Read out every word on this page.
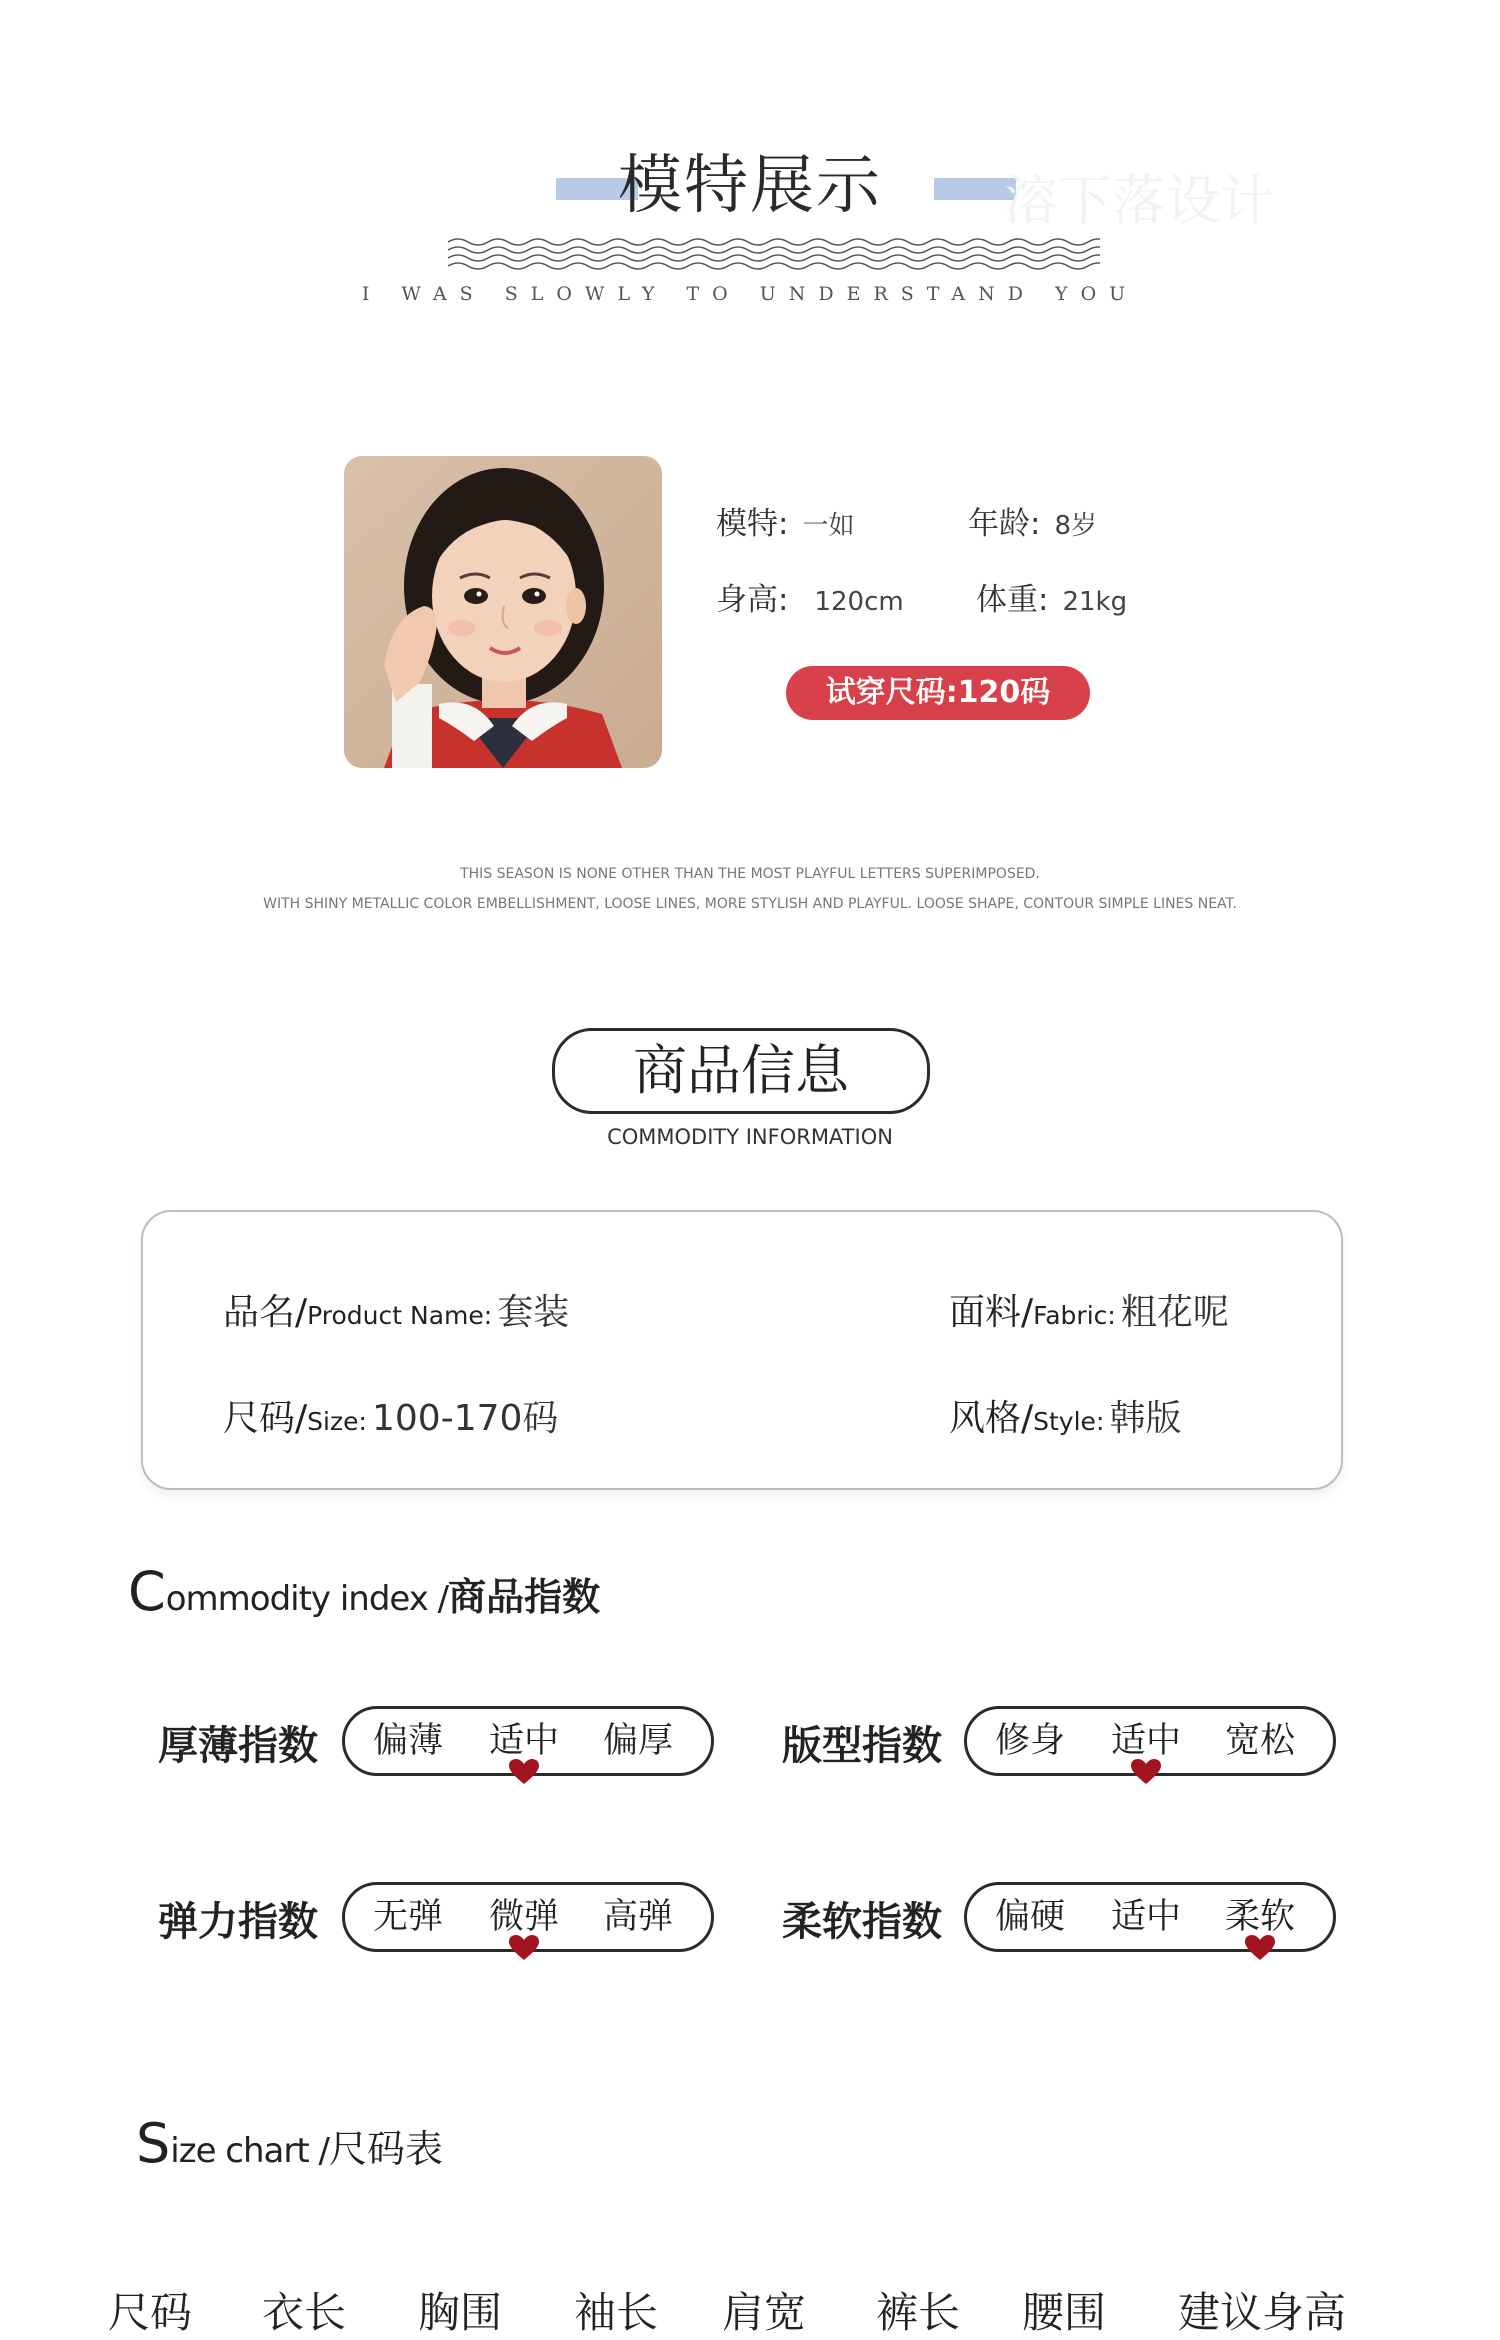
溶下落设计
模特展示
I WAS SLOWLY TO UNDERSTAND YOU
模特: 一如	年龄: 8岁
身高: 120cm 体重: 21kg
试穿尺码:120码
THIS SEASON IS NONE OTHER THAN THE MOST PLAYFUL LETTERS SUPERIMPOSED.
WITH SHINY METALLIC COLOR EMBELLISHMENT, LOOSE LINES, MORE STYLISH AND PLAYFUL. LOOSE SHAPE, CONTOUR SIMPLE LINES NEAT.
商品信息
COMMODITY INFORMATION
品名/Product Name: 套装	面料/Fabric: 粗花呢
尺码/Size: 100-170码	风格/Style: 韩版
Commodity index /商品指数
厚薄指数	偏薄	适中	偏厚	版型指数	修身	适中	宽松
弹力指数	无弹	微弹	高弹	柔软指数	偏硬	适中	柔软
Size chart /尺码表
尺码 衣长 胸围 袖长 肩宽 裤长 腰围 建议身高
